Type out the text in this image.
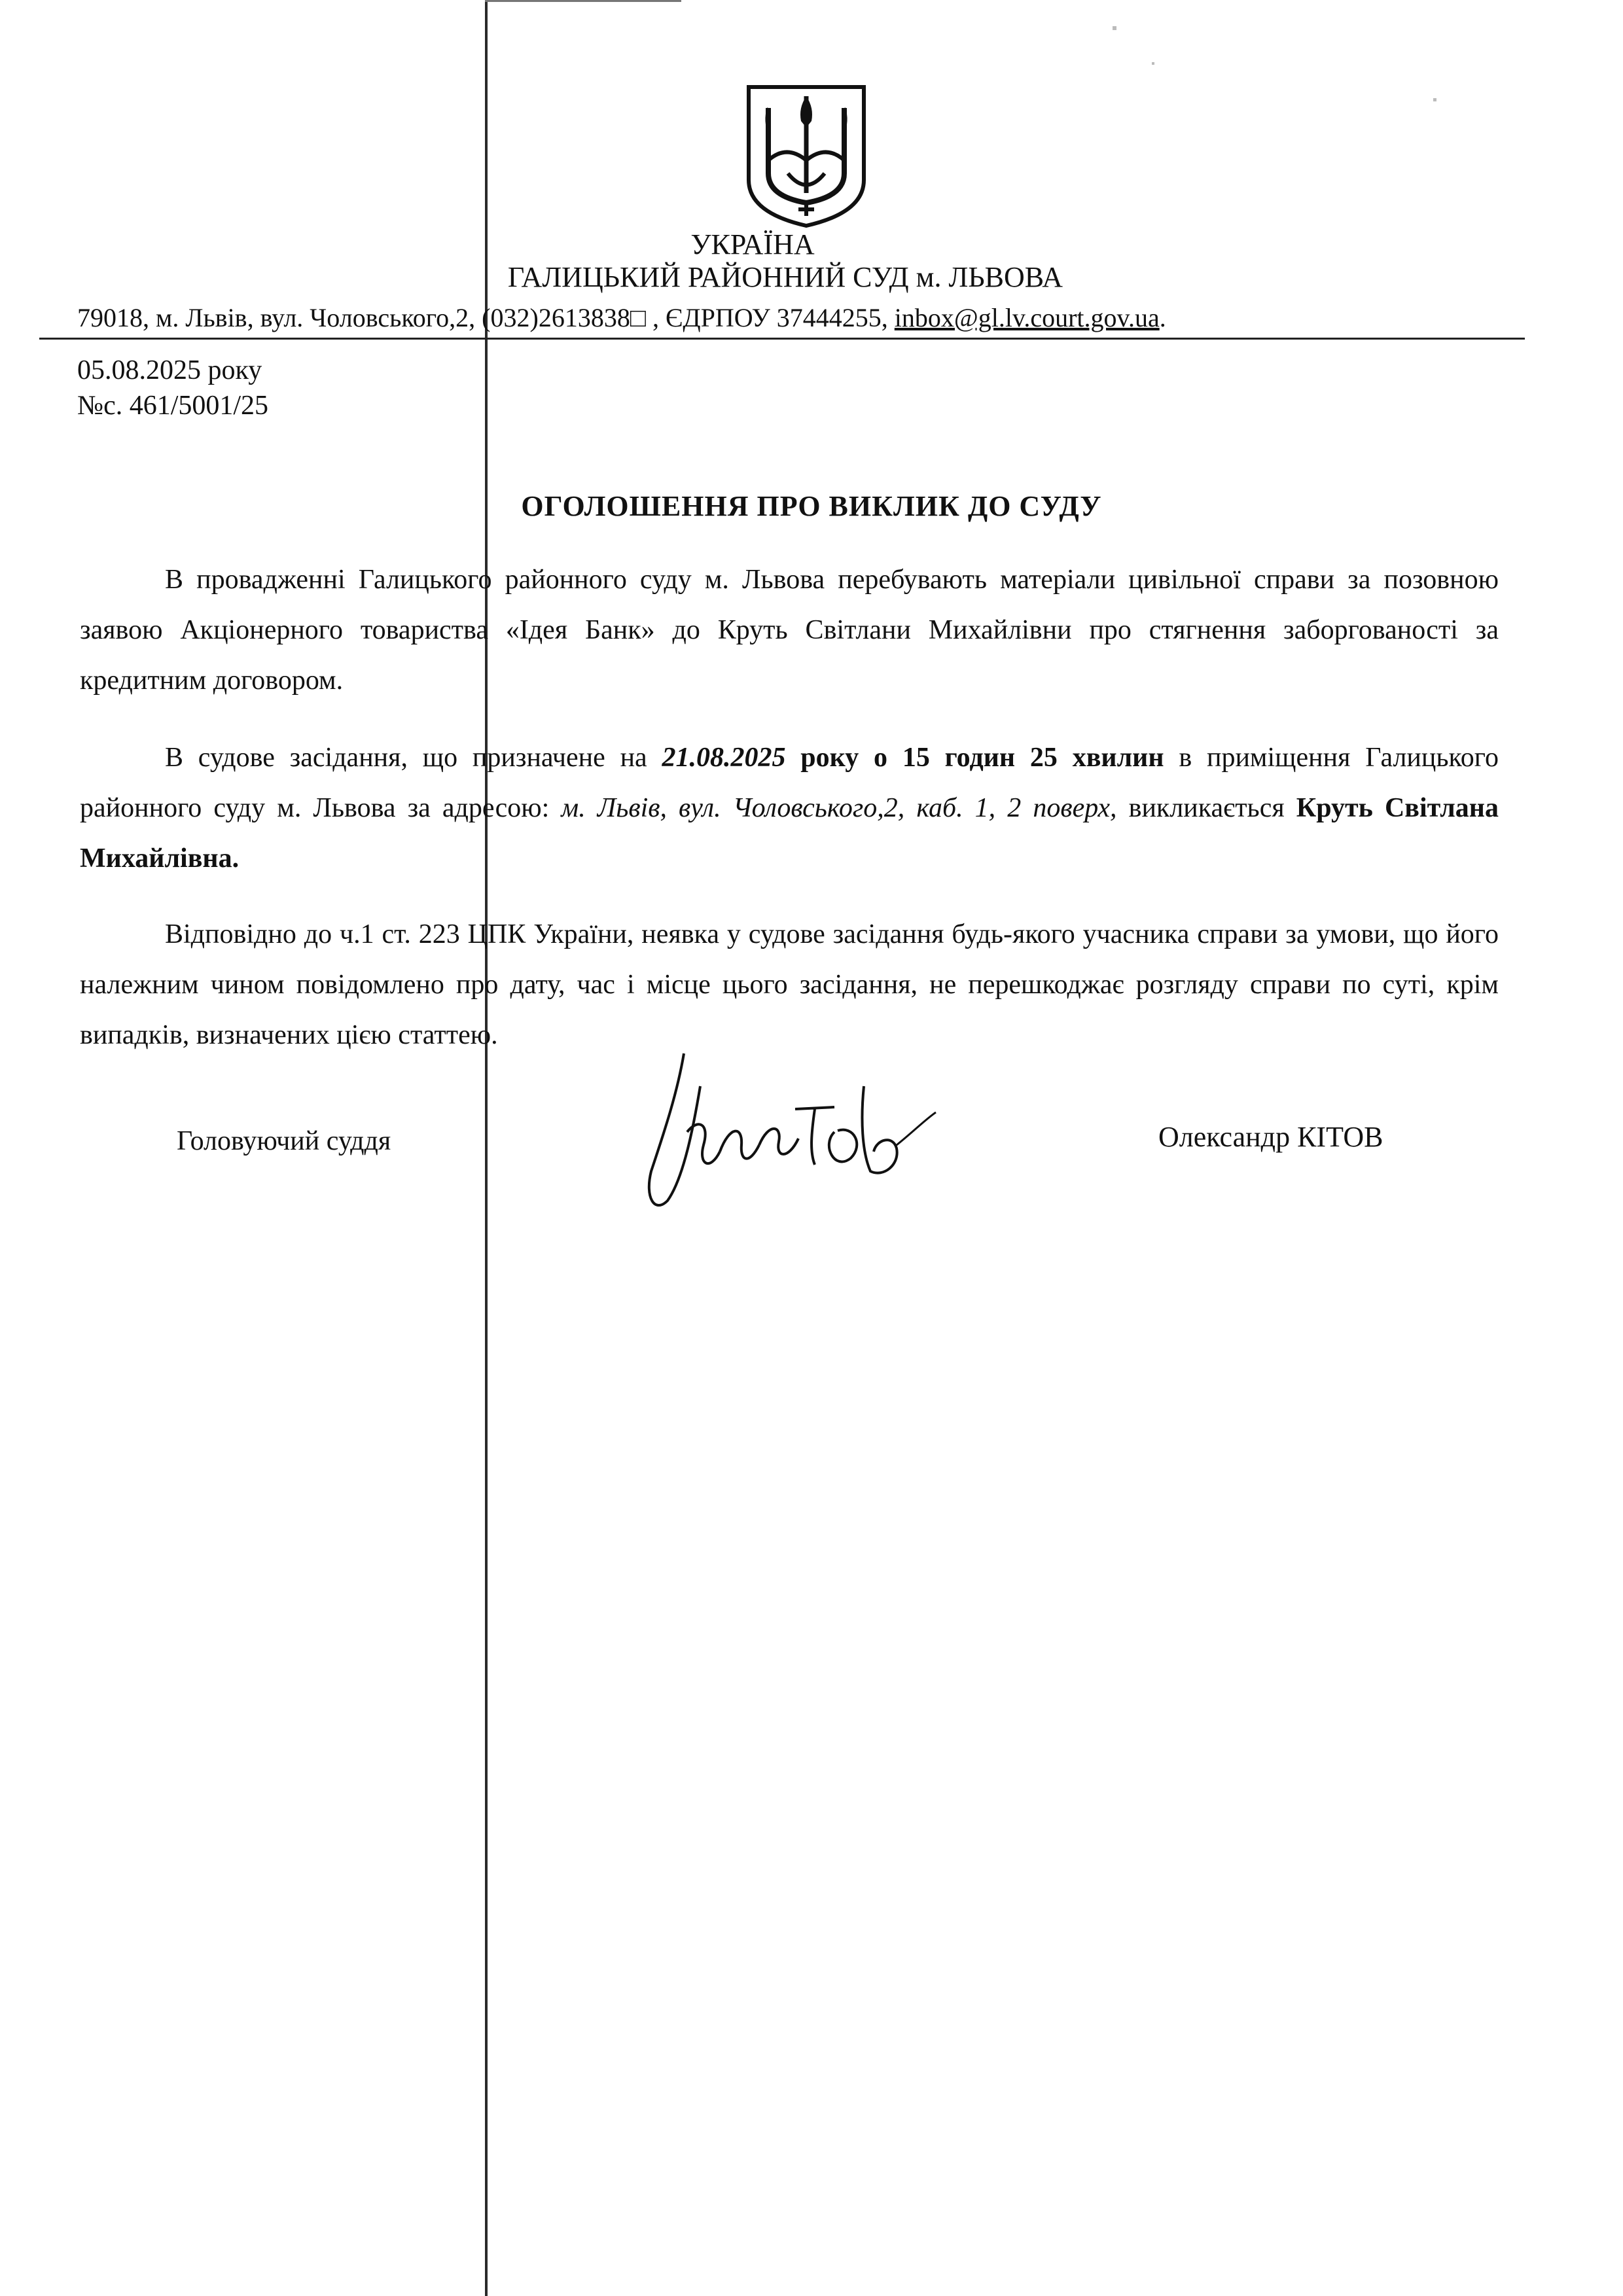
УКРАЇНА
ГАЛИЦЬКИЙ РАЙОННИЙ СУД м. ЛЬВОВА
79018, м. Львів, вул. Чоловського,2, (032)2613838□ , ЄДРПОУ 37444255, inbox@gl.lv.court.gov.ua.
05.08.2025 року
№с. 461/5001/25
ОГОЛОШЕННЯ ПРО ВИКЛИК ДО СУДУ

В провадженні Галицького районного суду м. Львова перебувають матеріали цивільної справи за позовною заявою Акціонерного товариства «Ідея Банк» до Круть Світлани Михайлівни про стягнення заборгованості за кредитним договором.

В судове засідання, що призначене на 21.08.2025 року о 15 годин 25 хвилин в приміщення Галицького районного суду м. Львова за адресою: м. Львів, вул. Чоловського,2, каб. 1, 2 поверх, викликається Круть Світлана Михайлівна.

Відповідно до ч.1 ст. 223 ЦПК України, неявка у судове засідання будь-якого учасника справи за умови, що його належним чином повідомлено про дату, час і місце цього засідання, не перешкоджає розгляду справи по суті, крім випадків, визначених цією статтею.

Головуючий суддя	Олександр КІТОВ
